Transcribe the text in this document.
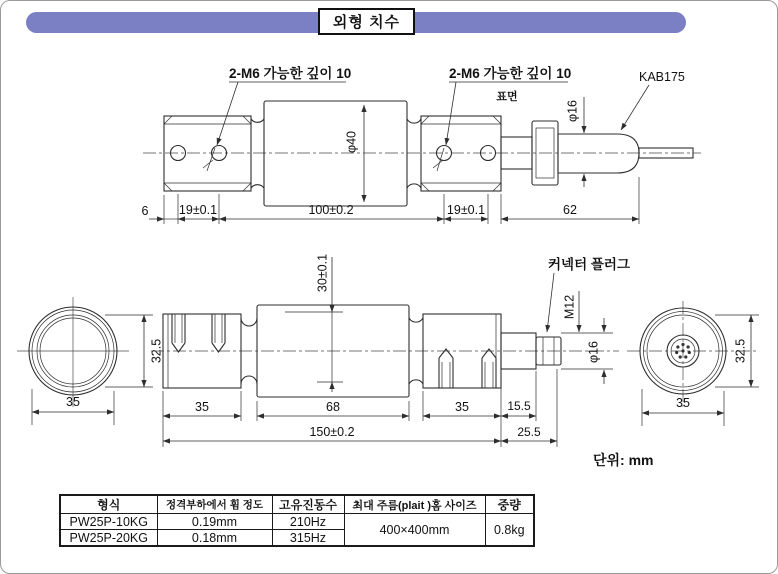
φ40
φ16
2-M6 가능한 깊이 10	2-M6 가능한 깊이 10
표면
KAB175
6 19±0.1	100±0.2	19±0.1	62
32.5
35
30±0.1	커넥터 플러그
M12
φ16
35	68	35	15.5
150±0.2	25.5
32.5
35
외형 치수
단위: mm
형식	정격부하에서 휨 정도	고유진동수	최대 주름(plait )홈 사이즈	중량
PW25P-10KG	0.19mm	210Hz	400×400mm	0.8kg
PW25P-20KG	0.18mm	315Hz		
